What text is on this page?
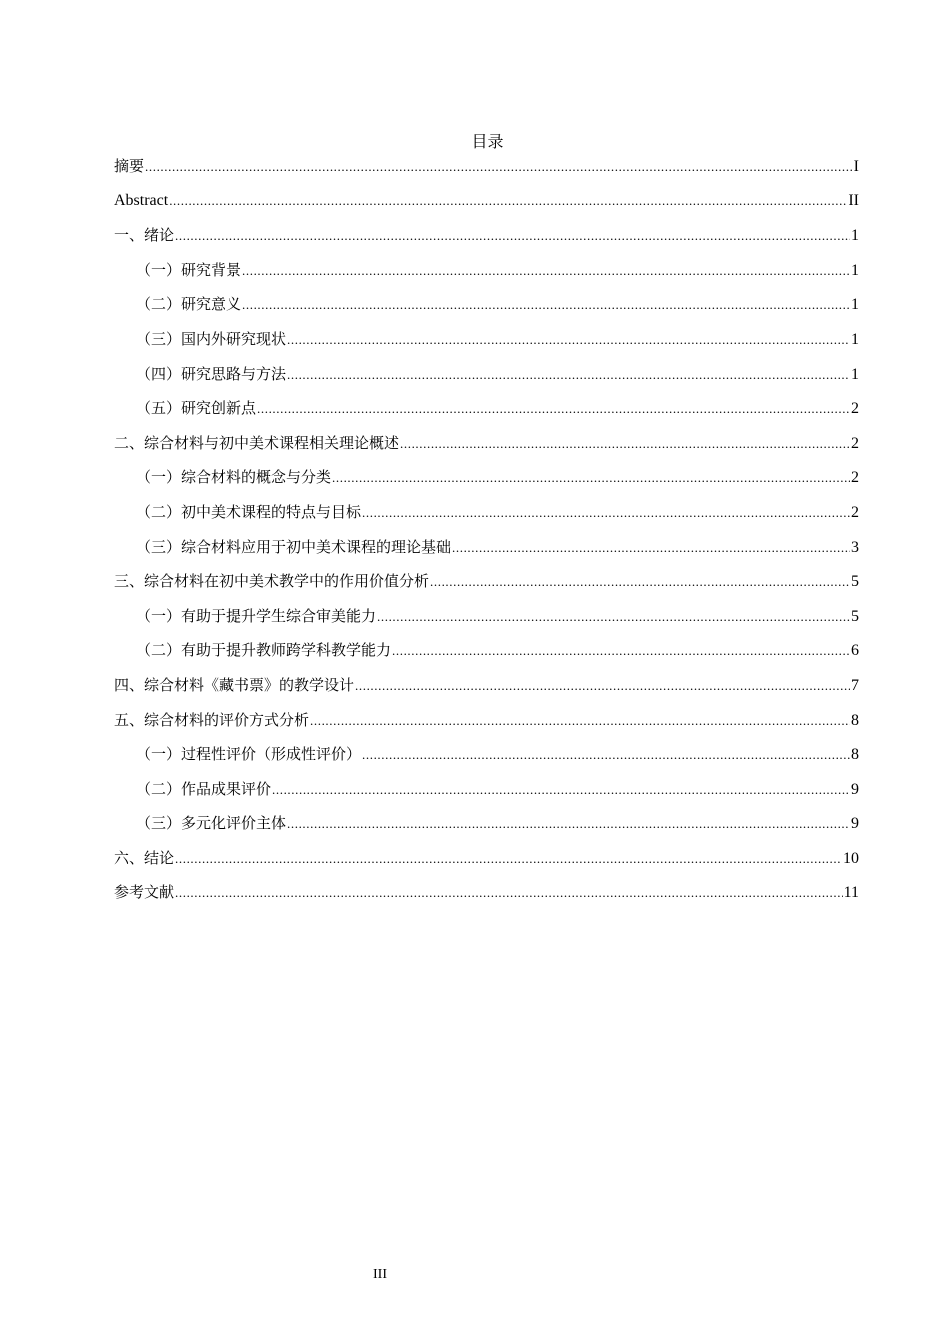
目录
摘要 .....	I
Abstract .....	II
一、绪论 .....	1
（一）研究背景 .....	1
（二）研究意义 .....	1
（三）国内外研究现状 .....	1
（四）研究思路与方法 .....	1
（五）研究创新点 .....	2
二、综合材料与初中美术课程相关理论概述 .....	2
（一）综合材料的概念与分类 .....	2
（二）初中美术课程的特点与目标 .....	2
（三）综合材料应用于初中美术课程的理论基础 .....	3
三、综合材料在初中美术教学中的作用价值分析 .....	5
（一）有助于提升学生综合审美能力 .....	5
（二）有助于提升教师跨学科教学能力 .....	6
四、综合材料《藏书票》的教学设计 .....	7
五、综合材料的评价方式分析 .....	8
（一）过程性评价（形成性评价） .....	8
（二）作品成果评价 .....	9
（三）多元化评价主体 .....	9
六、结论 .....	10
参考文献 .....	11
III
